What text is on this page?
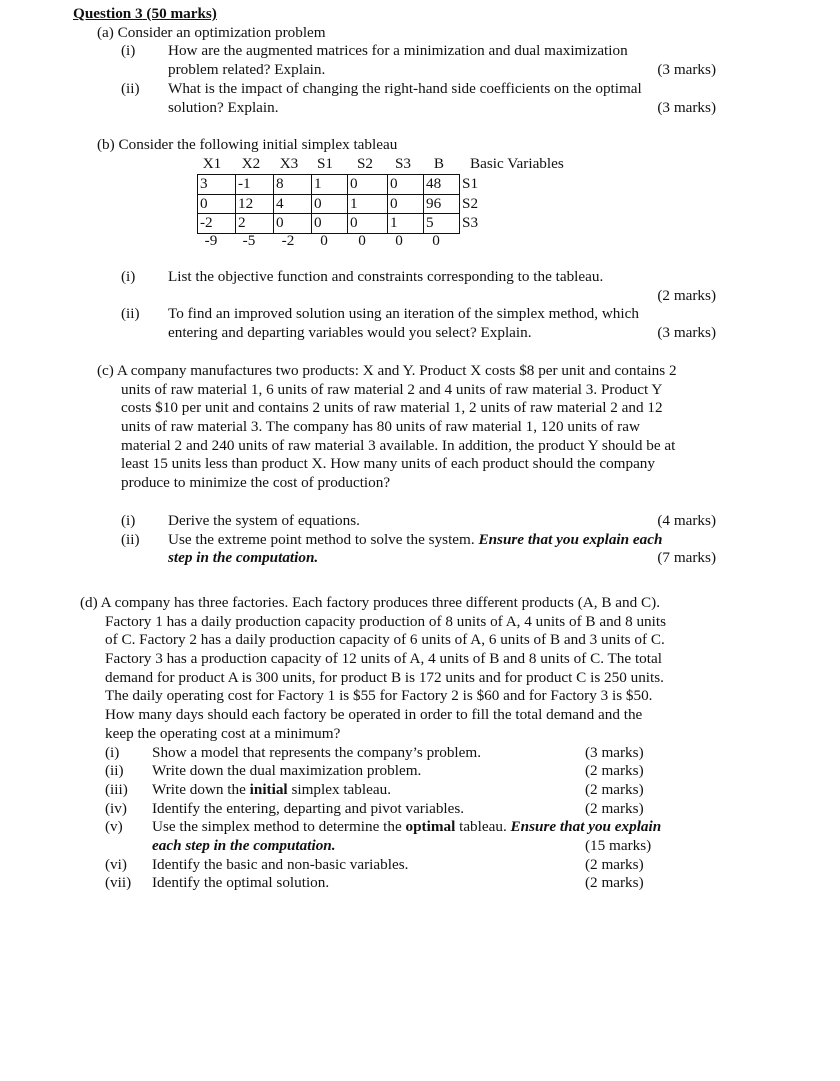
Question 3 (50 marks)
(a) Consider an optimization problem
(i) How are the augmented matrices for a minimization and dual maximization
problem related? Explain.	(3 marks)
(ii) What is the impact of changing the right-hand side coefficients on the optimal
solution? Explain.	(3 marks)
(b) Consider the following initial simplex tableau
X1	X2	X3	S1	S2	S3	B	Basic Variables
3	-1	8	1	0	0	48	S1
0	12	4	0	1	0	96	S2
-2	2	0	0	0	1	5	S3
-9	-5	-2	0	0	0	0
(i) List the objective function and constraints corresponding to the tableau.
(2 marks)
(ii) To find an improved solution using an iteration of the simplex method, which
entering and departing variables would you select? Explain.	(3 marks)
(c) A company manufactures two products: X and Y. Product X costs $8 per unit and contains 2
units of raw material 1, 6 units of raw material 2 and 4 units of raw material 3. Product Y
costs $10 per unit and contains 2 units of raw material 1, 2 units of raw material 2 and 12
units of raw material 3. The company has 80 units of raw material 1, 120 units of raw
material 2 and 240 units of raw material 3 available. In addition, the product Y should be at
least 15 units less than product X. How many units of each product should the company
produce to minimize the cost of production?
(i) Derive the system of equations.	(4 marks)
(ii) Use the extreme point method to solve the system. Ensure that you explain each
step in the computation.	(7 marks)
(d) A company has three factories. Each factory produces three different products (A, B and C).
Factory 1 has a daily production capacity production of 8 units of A, 4 units of B and 8 units
of C. Factory 2 has a daily production capacity of 6 units of A, 6 units of B and 3 units of C.
Factory 3 has a production capacity of 12 units of A, 4 units of B and 8 units of C. The total
demand for product A is 300 units, for product B is 172 units and for product C is 250 units.
The daily operating cost for Factory 1 is $55 for Factory 2 is $60 and for Factory 3 is $50.
How many days should each factory be operated in order to fill the total demand and the
keep the operating cost at a minimum?
(i) Show a model that represents the company’s problem.	(3 marks)
(ii) Write down the dual maximization problem.	(2 marks)
(iii) Write down the initial simplex tableau.	(2 marks)
(iv) Identify the entering, departing and pivot variables.	(2 marks)
(v) Use the simplex method to determine the optimal tableau. Ensure that you explain
each step in the computation.	(15 marks)
(vi) Identify the basic and non-basic variables.	(2 marks)
(vii) Identify the optimal solution.	(2 marks)
